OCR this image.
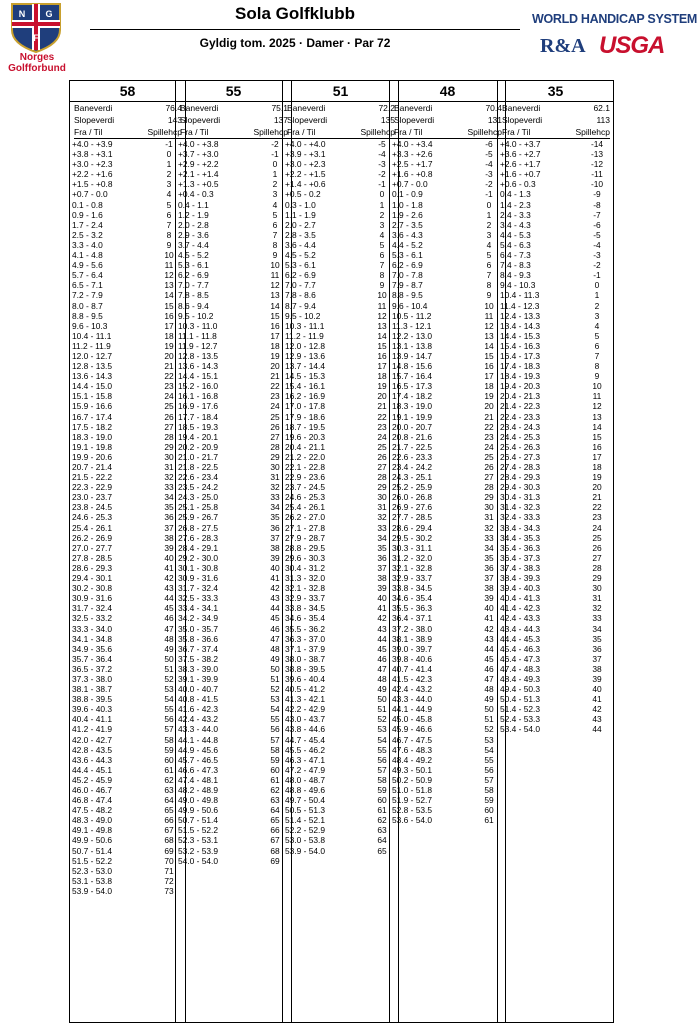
N G
F
Norges
Golfforbund
Sola Golfklubb
Gyldig tom. 2025 · Damer · Par 72
WORLD HANDICAP SYSTEM
R&A USGA
58
Baneverdi	76.4
Slopeverdi	143
Fra / Til	Spillehcp
+4.0 - +3.9	-1
+3.8 - +3.1	0
+3.0 - +2.3	1
+2.2 - +1.6	2
+1.5 - +0.8	3
+0.7 - 0.0	4
0.1 - 0.8	5
0.9 - 1.6	6
1.7 - 2.4	7
2.5 - 3.2	8
3.3 - 4.0	9
4.1 - 4.8	10
4.9 - 5.6	11
5.7 - 6.4	12
6.5 - 7.1	13
7.2 - 7.9	14
8.0 - 8.7	15
8.8 - 9.5	16
9.6 - 10.3	17
10.4 - 11.1	18
11.2 - 11.9	19
12.0 - 12.7	20
12.8 - 13.5	21
13.6 - 14.3	22
14.4 - 15.0	23
15.1 - 15.8	24
15.9 - 16.6	25
16.7 - 17.4	26
17.5 - 18.2	27
18.3 - 19.0	28
19.1 - 19.8	29
19.9 - 20.6	30
20.7 - 21.4	31
21.5 - 22.2	32
22.3 - 22.9	33
23.0 - 23.7	34
23.8 - 24.5	35
24.6 - 25.3	36
25.4 - 26.1	37
26.2 - 26.9	38
27.0 - 27.7	39
27.8 - 28.5	40
28.6 - 29.3	41
29.4 - 30.1	42
30.2 - 30.8	43
30.9 - 31.6	44
31.7 - 32.4	45
32.5 - 33.2	46
33.3 - 34.0	47
34.1 - 34.8	48
34.9 - 35.6	49
35.7 - 36.4	50
36.5 - 37.2	51
37.3 - 38.0	52
38.1 - 38.7	53
38.8 - 39.5	54
39.6 - 40.3	55
40.4 - 41.1	56
41.2 - 41.9	57
42.0 - 42.7	58
42.8 - 43.5	59
43.6 - 44.3	60
44.4 - 45.1	61
45.2 - 45.9	62
46.0 - 46.7	63
46.8 - 47.4	64
47.5 - 48.2	65
48.3 - 49.0	66
49.1 - 49.8	67
49.9 - 50.6	68
50.7 - 51.4	69
51.5 - 52.2	70
52.3 - 53.0	71
53.1 - 53.8	72
53.9 - 54.0	73
55
Baneverdi	75.1
Slopeverdi	137
Fra / Til	Spillehcp
+4.0 - +3.8	-2
+3.7 - +3.0	-1
+2.9 - +2.2	0
+2.1 - +1.4	1
+1.3 - +0.5	2
+0.4 - 0.3	3
0.4 - 1.1	4
1.2 - 1.9	5
2.0 - 2.8	6
2.9 - 3.6	7
3.7 - 4.4	8
4.5 - 5.2	9
5.3 - 6.1	10
6.2 - 6.9	11
7.0 - 7.7	12
7.8 - 8.5	13
8.6 - 9.4	14
9.5 - 10.2	15
10.3 - 11.0	16
11.1 - 11.8	17
11.9 - 12.7	18
12.8 - 13.5	19
13.6 - 14.3	20
14.4 - 15.1	21
15.2 - 16.0	22
16.1 - 16.8	23
16.9 - 17.6	24
17.7 - 18.4	25
18.5 - 19.3	26
19.4 - 20.1	27
20.2 - 20.9	28
21.0 - 21.7	29
21.8 - 22.5	30
22.6 - 23.4	31
23.5 - 24.2	32
24.3 - 25.0	33
25.1 - 25.8	34
25.9 - 26.7	35
26.8 - 27.5	36
27.6 - 28.3	37
28.4 - 29.1	38
29.2 - 30.0	39
30.1 - 30.8	40
30.9 - 31.6	41
31.7 - 32.4	42
32.5 - 33.3	43
33.4 - 34.1	44
34.2 - 34.9	45
35.0 - 35.7	46
35.8 - 36.6	47
36.7 - 37.4	48
37.5 - 38.2	49
38.3 - 39.0	50
39.1 - 39.9	51
40.0 - 40.7	52
40.8 - 41.5	53
41.6 - 42.3	54
42.4 - 43.2	55
43.3 - 44.0	56
44.1 - 44.8	57
44.9 - 45.6	58
45.7 - 46.5	59
46.6 - 47.3	60
47.4 - 48.1	61
48.2 - 48.9	62
49.0 - 49.8	63
49.9 - 50.6	64
50.7 - 51.4	65
51.5 - 52.2	66
52.3 - 53.1	67
53.2 - 53.9	68
54.0 - 54.0	69
51
Baneverdi	72.2
Slopeverdi	135
Fra / Til	Spillehcp
+4.0 - +4.0	-5
+3.9 - +3.1	-4
+3.0 - +2.3	-3
+2.2 - +1.5	-2
+1.4 - +0.6	-1
+0.5 - 0.2	0
0.3 - 1.0	1
1.1 - 1.9	2
2.0 - 2.7	3
2.8 - 3.5	4
3.6 - 4.4	5
4.5 - 5.2	6
5.3 - 6.1	7
6.2 - 6.9	8
7.0 - 7.7	9
7.8 - 8.6	10
8.7 - 9.4	11
9.5 - 10.2	12
10.3 - 11.1	13
11.2 - 11.9	14
12.0 - 12.8	15
12.9 - 13.6	16
13.7 - 14.4	17
14.5 - 15.3	18
15.4 - 16.1	19
16.2 - 16.9	20
17.0 - 17.8	21
17.9 - 18.6	22
18.7 - 19.5	23
19.6 - 20.3	24
20.4 - 21.1	25
21.2 - 22.0	26
22.1 - 22.8	27
22.9 - 23.6	28
23.7 - 24.5	29
24.6 - 25.3	30
25.4 - 26.1	31
26.2 - 27.0	32
27.1 - 27.8	33
27.9 - 28.7	34
28.8 - 29.5	35
29.6 - 30.3	36
30.4 - 31.2	37
31.3 - 32.0	38
32.1 - 32.8	39
32.9 - 33.7	40
33.8 - 34.5	41
34.6 - 35.4	42
35.5 - 36.2	43
36.3 - 37.0	44
37.1 - 37.9	45
38.0 - 38.7	46
38.8 - 39.5	47
39.6 - 40.4	48
40.5 - 41.2	49
41.3 - 42.1	50
42.2 - 42.9	51
43.0 - 43.7	52
43.8 - 44.6	53
44.7 - 45.4	54
45.5 - 46.2	55
46.3 - 47.1	56
47.2 - 47.9	57
48.0 - 48.7	58
48.8 - 49.6	59
49.7 - 50.4	60
50.5 - 51.3	61
51.4 - 52.1	62
52.2 - 52.9	63
53.0 - 53.8	64
53.9 - 54.0	65
48
Baneverdi	70.4
Slopeverdi	131
Fra / Til	Spillehcp
+4.0 - +3.4	-6
+3.3 - +2.6	-5
+2.5 - +1.7	-4
+1.6 - +0.8	-3
+0.7 - 0.0	-2
0.1 - 0.9	-1
1.0 - 1.8	0
1.9 - 2.6	1
2.7 - 3.5	2
3.6 - 4.3	3
4.4 - 5.2	4
5.3 - 6.1	5
6.2 - 6.9	6
7.0 - 7.8	7
7.9 - 8.7	8
8.8 - 9.5	9
9.6 - 10.4	10
10.5 - 11.2	11
11.3 - 12.1	12
12.2 - 13.0	13
13.1 - 13.8	14
13.9 - 14.7	15
14.8 - 15.6	16
15.7 - 16.4	17
16.5 - 17.3	18
17.4 - 18.2	19
18.3 - 19.0	20
19.1 - 19.9	21
20.0 - 20.7	22
20.8 - 21.6	23
21.7 - 22.5	24
22.6 - 23.3	25
23.4 - 24.2	26
24.3 - 25.1	27
25.2 - 25.9	28
26.0 - 26.8	29
26.9 - 27.6	30
27.7 - 28.5	31
28.6 - 29.4	32
29.5 - 30.2	33
30.3 - 31.1	34
31.2 - 32.0	35
32.1 - 32.8	36
32.9 - 33.7	37
33.8 - 34.5	38
34.6 - 35.4	39
35.5 - 36.3	40
36.4 - 37.1	41
37.2 - 38.0	42
38.1 - 38.9	43
39.0 - 39.7	44
39.8 - 40.6	45
40.7 - 41.4	46
41.5 - 42.3	47
42.4 - 43.2	48
43.3 - 44.0	49
44.1 - 44.9	50
45.0 - 45.8	51
45.9 - 46.6	52
46.7 - 47.5	53
47.6 - 48.3	54
48.4 - 49.2	55
49.3 - 50.1	56
50.2 - 50.9	57
51.0 - 51.8	58
51.9 - 52.7	59
52.8 - 53.5	60
53.6 - 54.0	61
35
Baneverdi	62.1
Slopeverdi	113
Fra / Til	Spillehcp
+4.0 - +3.7	-14
+3.6 - +2.7	-13
+2.6 - +1.7	-12
+1.6 - +0.7	-11
+0.6 - 0.3	-10
0.4 - 1.3	-9
1.4 - 2.3	-8
2.4 - 3.3	-7
3.4 - 4.3	-6
4.4 - 5.3	-5
5.4 - 6.3	-4
6.4 - 7.3	-3
7.4 - 8.3	-2
8.4 - 9.3	-1
9.4 - 10.3	0
10.4 - 11.3	1
11.4 - 12.3	2
12.4 - 13.3	3
13.4 - 14.3	4
14.4 - 15.3	5
15.4 - 16.3	6
16.4 - 17.3	7
17.4 - 18.3	8
18.4 - 19.3	9
19.4 - 20.3	10
20.4 - 21.3	11
21.4 - 22.3	12
22.4 - 23.3	13
23.4 - 24.3	14
24.4 - 25.3	15
25.4 - 26.3	16
26.4 - 27.3	17
27.4 - 28.3	18
28.4 - 29.3	19
29.4 - 30.3	20
30.4 - 31.3	21
31.4 - 32.3	22
32.4 - 33.3	23
33.4 - 34.3	24
34.4 - 35.3	25
35.4 - 36.3	26
36.4 - 37.3	27
37.4 - 38.3	28
38.4 - 39.3	29
39.4 - 40.3	30
40.4 - 41.3	31
41.4 - 42.3	32
42.4 - 43.3	33
43.4 - 44.3	34
44.4 - 45.3	35
45.4 - 46.3	36
46.4 - 47.3	37
47.4 - 48.3	38
48.4 - 49.3	39
49.4 - 50.3	40
50.4 - 51.3	41
51.4 - 52.3	42
52.4 - 53.3	43
53.4 - 54.0	44
